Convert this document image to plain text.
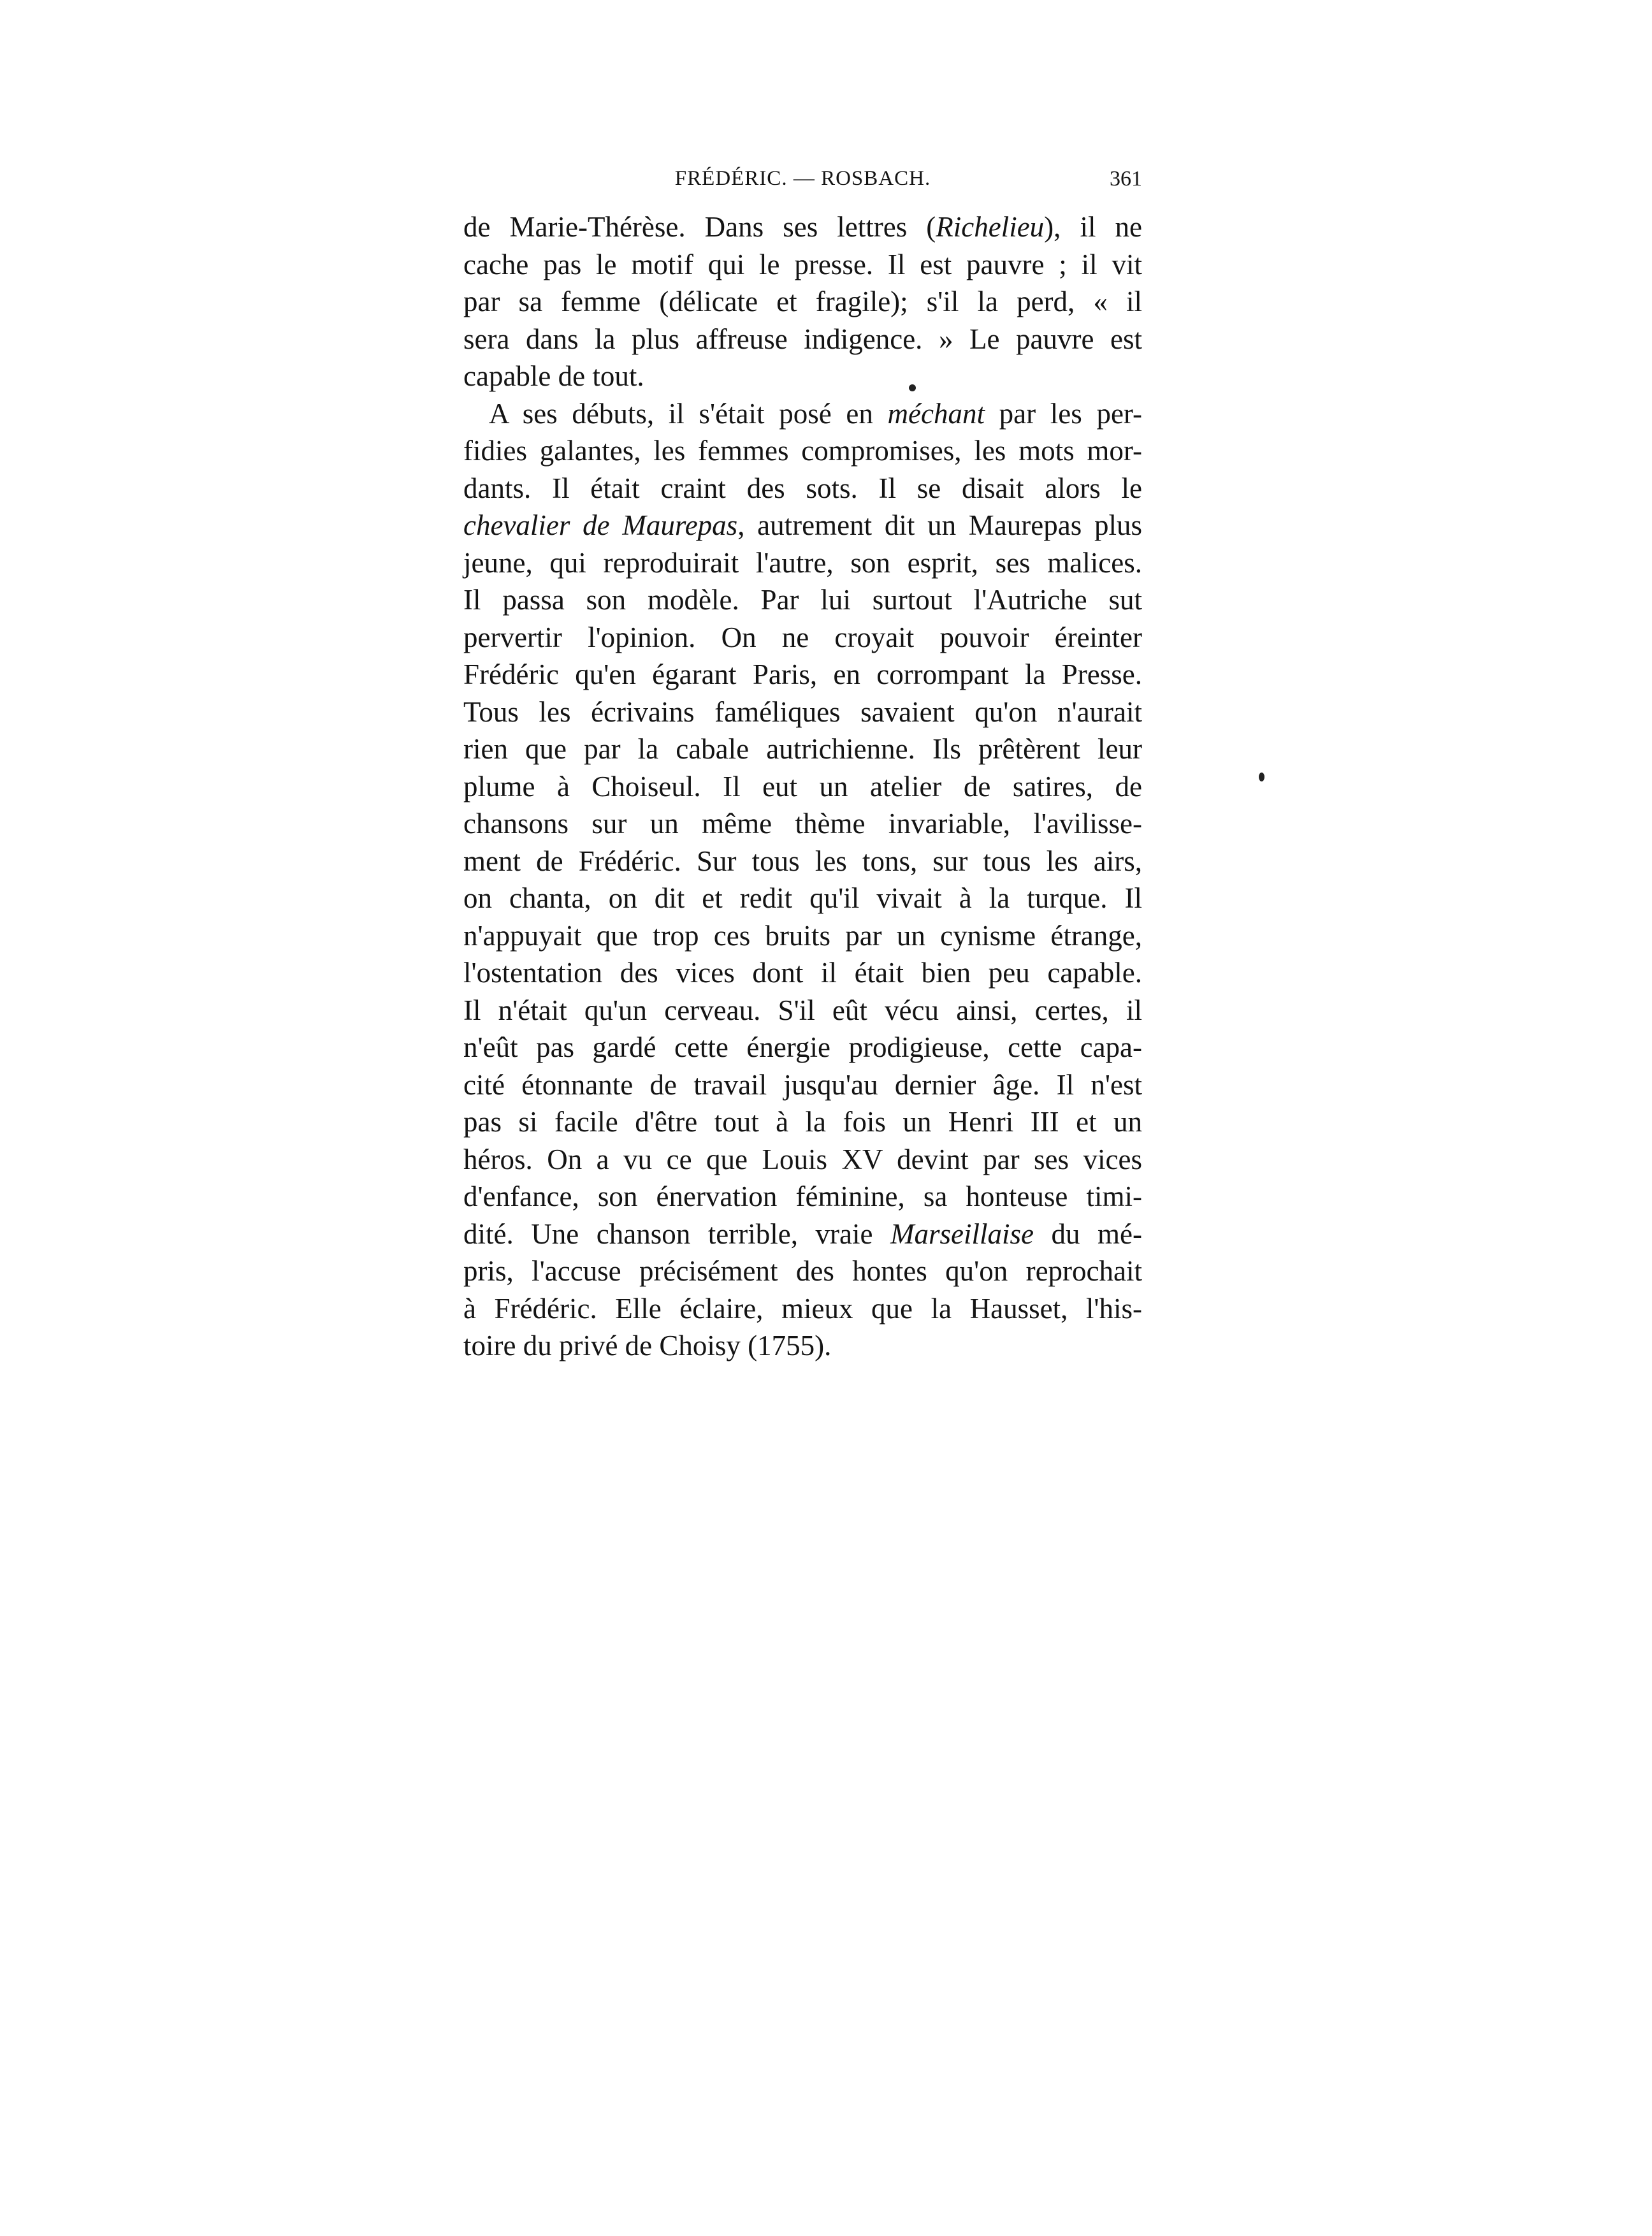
FRÉDÉRIC. — ROSBACH.	361
de Marie-Thérèse. Dans ses lettres (Richelieu), il ne
cache pas le motif qui le presse. Il est pauvre ; il vit
par sa femme (délicate et fragile); s'il la perd, « il
sera dans la plus affreuse indigence. » Le pauvre est
capable de tout.
A ses débuts, il s'était posé en méchant par les per-
fidies galantes, les femmes compromises, les mots mor-
dants. Il était craint des sots. Il se disait alors le
chevalier de Maurepas, autrement dit un Maurepas plus
jeune, qui reproduirait l'autre, son esprit, ses malices.
Il passa son modèle. Par lui surtout l'Autriche sut
pervertir l'opinion. On ne croyait pouvoir éreinter
Frédéric qu'en égarant Paris, en corrompant la Presse.
Tous les écrivains faméliques savaient qu'on n'aurait
rien que par la cabale autrichienne. Ils prêtèrent leur
plume à Choiseul. Il eut un atelier de satires, de
chansons sur un même thème invariable, l'avilisse-
ment de Frédéric. Sur tous les tons, sur tous les airs,
on chanta, on dit et redit qu'il vivait à la turque. Il
n'appuyait que trop ces bruits par un cynisme étrange,
l'ostentation des vices dont il était bien peu capable.
Il n'était qu'un cerveau. S'il eût vécu ainsi, certes, il
n'eût pas gardé cette énergie prodigieuse, cette capa-
cité étonnante de travail jusqu'au dernier âge. Il n'est
pas si facile d'être tout à la fois un Henri III et un
héros. On a vu ce que Louis XV devint par ses vices
d'enfance, son énervation féminine, sa honteuse timi-
dité. Une chanson terrible, vraie Marseillaise du mé-
pris, l'accuse précisément des hontes qu'on reprochait
à Frédéric. Elle éclaire, mieux que la Hausset, l'his-
toire du privé de Choisy (1755).
